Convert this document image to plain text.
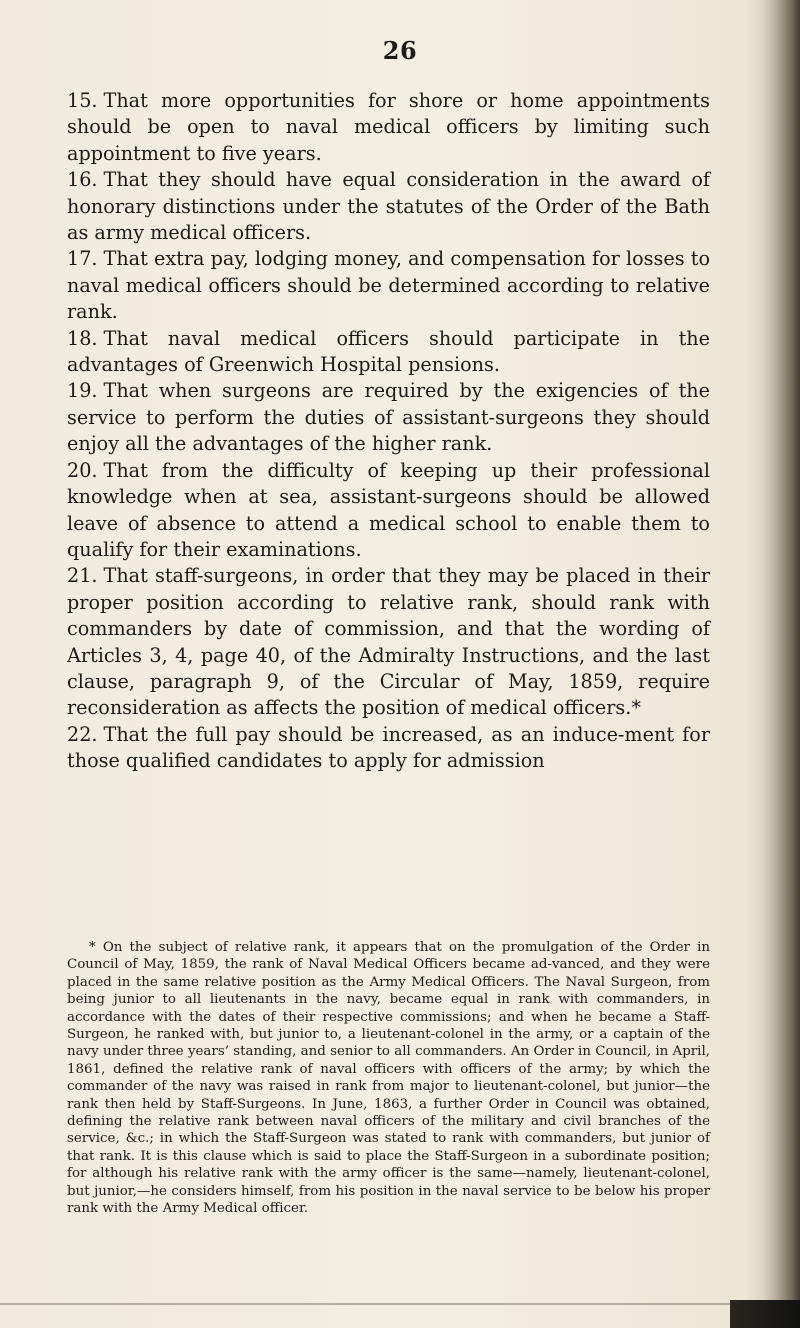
26

15. That more opportunities for shore or home appointments should be open to naval medical officers by limiting such appointment to five years.

16. That they should have equal consideration in the award of honorary distinctions under the statutes of the Order of the Bath as army medical officers.

17. That extra pay, lodging money, and compensation for losses to naval medical officers should be determined according to relative rank.

18. That naval medical officers should participate in the advantages of Greenwich Hospital pensions.

19. That when surgeons are required by the exigencies of the service to perform the duties of assistant-surgeons they should enjoy all the advantages of the higher rank.

20. That from the difficulty of keeping up their professional knowledge when at sea, assistant-surgeons should be allowed leave of absence to attend a medical school to enable them to qualify for their examinations.

21. That staff-surgeons, in order that they may be placed in their proper position according to relative rank, should rank with commanders by date of commission, and that the wording of Articles 3, 4, page 40, of the Admiralty Instructions, and the last clause, paragraph 9, of the Circular of May, 1859, require reconsideration as affects the position of medical officers.*

22. That the full pay should be increased, as an induce-ment for those qualified candidates to apply for admission

* On the subject of relative rank, it appears that on the promulgation of the Order in Council of May, 1859, the rank of Naval Medical Officers became ad-vanced, and they were placed in the same relative position as the Army Medical Officers. The Naval Surgeon, from being junior to all lieutenants in the navy, became equal in rank with commanders, in accordance with the dates of their respective commissions; and when he became a Staff-Surgeon, he ranked with, but junior to, a lieutenant-colonel in the army, or a captain of the navy under three years’ standing, and senior to all commanders. An Order in Council, in April, 1861, defined the relative rank of naval officers with officers of the army; by which the commander of the navy was raised in rank from major to lieutenant-colonel, but junior—the rank then held by Staff-Surgeons. In June, 1863, a further Order in Council was obtained, defining the relative rank between naval officers of the military and civil branches of the service, &c.; in which the Staff-Surgeon was stated to rank with commanders, but junior of that rank. It is this clause which is said to place the Staff-Surgeon in a subordinate position; for although his relative rank with the army officer is the same—namely, lieutenant-colonel, but junior,—he considers himself, from his position in the naval service to be below his proper rank with the Army Medical officer.
